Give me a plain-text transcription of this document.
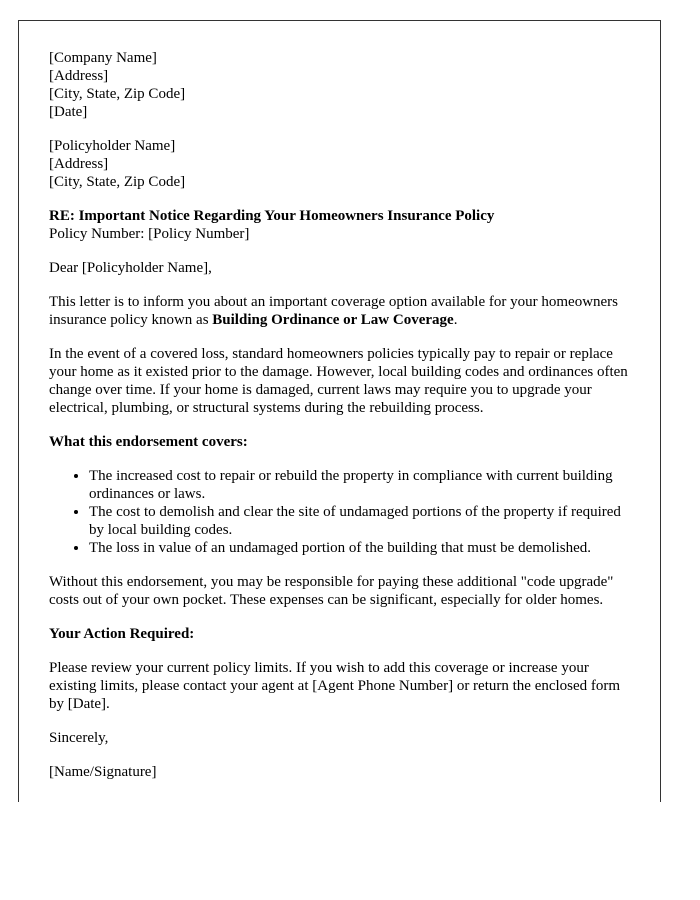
[Company Name]
[Address]
[City, State, Zip Code]
[Date]
[Policyholder Name]
[Address]
[City, State, Zip Code]
RE: Important Notice Regarding Your Homeowners Insurance Policy
Policy Number: [Policy Number]

Dear [Policyholder Name],

This letter is to inform you about an important coverage option available for your homeowners insurance policy known as Building Ordinance or Law Coverage.

In the event of a covered loss, standard homeowners policies typically pay to repair or replace your home as it existed prior to the damage. However, local building codes and ordinances often change over time. If your home is damaged, current laws may require you to upgrade your electrical, plumbing, or structural systems during the rebuilding process.

What this endorsement covers:
• The increased cost to repair or rebuild the property in compliance with current building ordinances or laws.
• The cost to demolish and clear the site of undamaged portions of the property if required by local building codes.
• The loss in value of an undamaged portion of the building that must be demolished.

Without this endorsement, you may be responsible for paying these additional "code upgrade" costs out of your own pocket. These expenses can be significant, especially for older homes.

Your Action Required:

Please review your current policy limits. If you wish to add this coverage or increase your existing limits, please contact your agent at [Agent Phone Number] or return the enclosed form by [Date].

Sincerely,

[Name/Signature]
